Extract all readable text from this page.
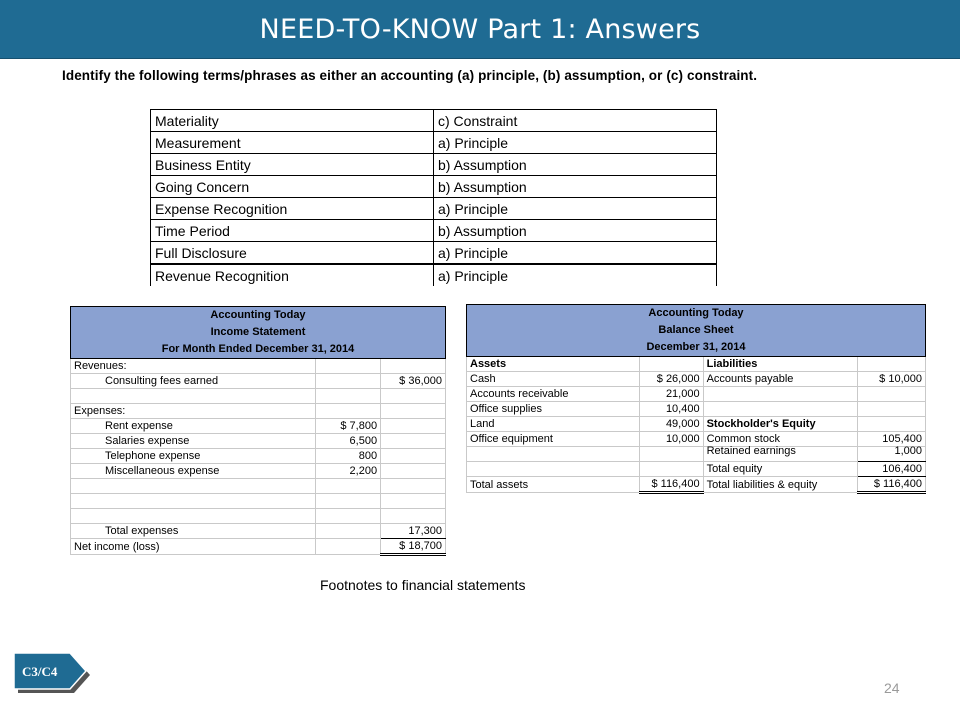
NEED-TO-KNOW Part 1: Answers
Identify the following terms/phrases as either an accounting (a) principle, (b) assumption, or (c) constraint.
Materiality	c) Constraint
Measurement	a) Principle
Business Entity	b) Assumption
Going Concern	b) Assumption
Expense Recognition	a) Principle
Time Period	b) Assumption
Full Disclosure	a) Principle
Revenue Recognition	a) Principle
Accounting Today		
Income Statement		
For Month Ended December 31, 2014		
Revenues:		
Consulting fees earned		$ 36,000

Expenses:		
Rent expense	$ 7,800	
Salaries expense	6,500	
Telephone expense	800	
Miscellaneous expense	2,200	

Total expenses		17,300
Net income (loss)		$ 18,700
Accounting Today			
Balance Sheet			
December 31, 2014			
Assets		Liabilities	
Cash	$ 26,000	Accounts payable	$ 10,000
Accounts receivable	21,000		
Office supplies	10,400		
Land	49,000	Stockholder's Equity	
Office equipment	10,000	Common stock	105,400
		Retained earnings	1,000
		Total equity	106,400
Total assets	$ 116,400	Total liabilities & equity	$ 116,400
Footnotes to financial statements
C3/C4
24
